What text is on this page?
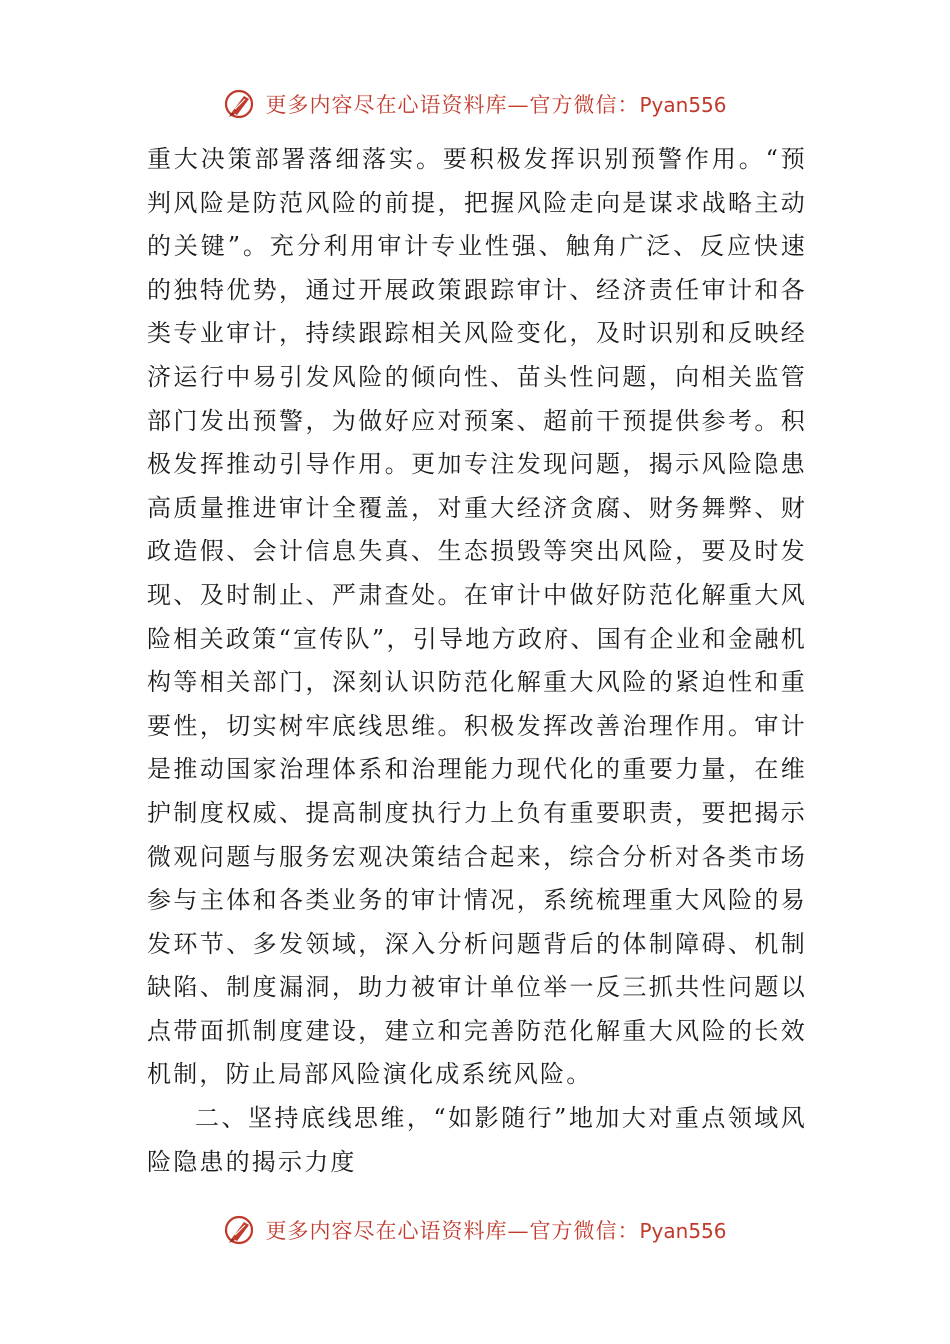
更多内容尽在心语资料库—官方微信：Pyan556

重大决策部署落细落实。要积极发挥识别预警作用。“预判风险是防范风险的前提，把握风险走向是谋求战略主动的关键”。充分利用审计专业性强、触角广泛、反应快速的独特优势，通过开展政策跟踪审计、经济责任审计和各类专业审计，持续跟踪相关风险变化，及时识别和反映经济运行中易引发风险的倾向性、苗头性问题，向相关监管部门发出预警，为做好应对预案、超前干预提供参考。积极发挥推动引导作用。更加专注发现问题，揭示风险隐患高质量推进审计全覆盖，对重大经济贪腐、财务舞弊、财政造假、会计信息失真、生态损毁等突出风险，要及时发现、及时制止、严肃查处。在审计中做好防范化解重大风险相关政策“宣传队”，引导地方政府、国有企业和金融机构等相关部门，深刻认识防范化解重大风险的紧迫性和重要性，切实树牢底线思维。积极发挥改善治理作用。审计是推动国家治理体系和治理能力现代化的重要力量，在维护制度权威、提高制度执行力上负有重要职责，要把揭示微观问题与服务宏观决策结合起来，综合分析对各类市场参与主体和各类业务的审计情况，系统梳理重大风险的易发环节、多发领域，深入分析问题背后的体制障碍、机制缺陷、制度漏洞，助力被审计单位举一反三抓共性问题以点带面抓制度建设，建立和完善防范化解重大风险的长效机制，防止局部风险演化成系统风险。

二、坚持底线思维，“如影随行”地加大对重点领域风险隐患的揭示力度

更多内容尽在心语资料库—官方微信：Pyan556
